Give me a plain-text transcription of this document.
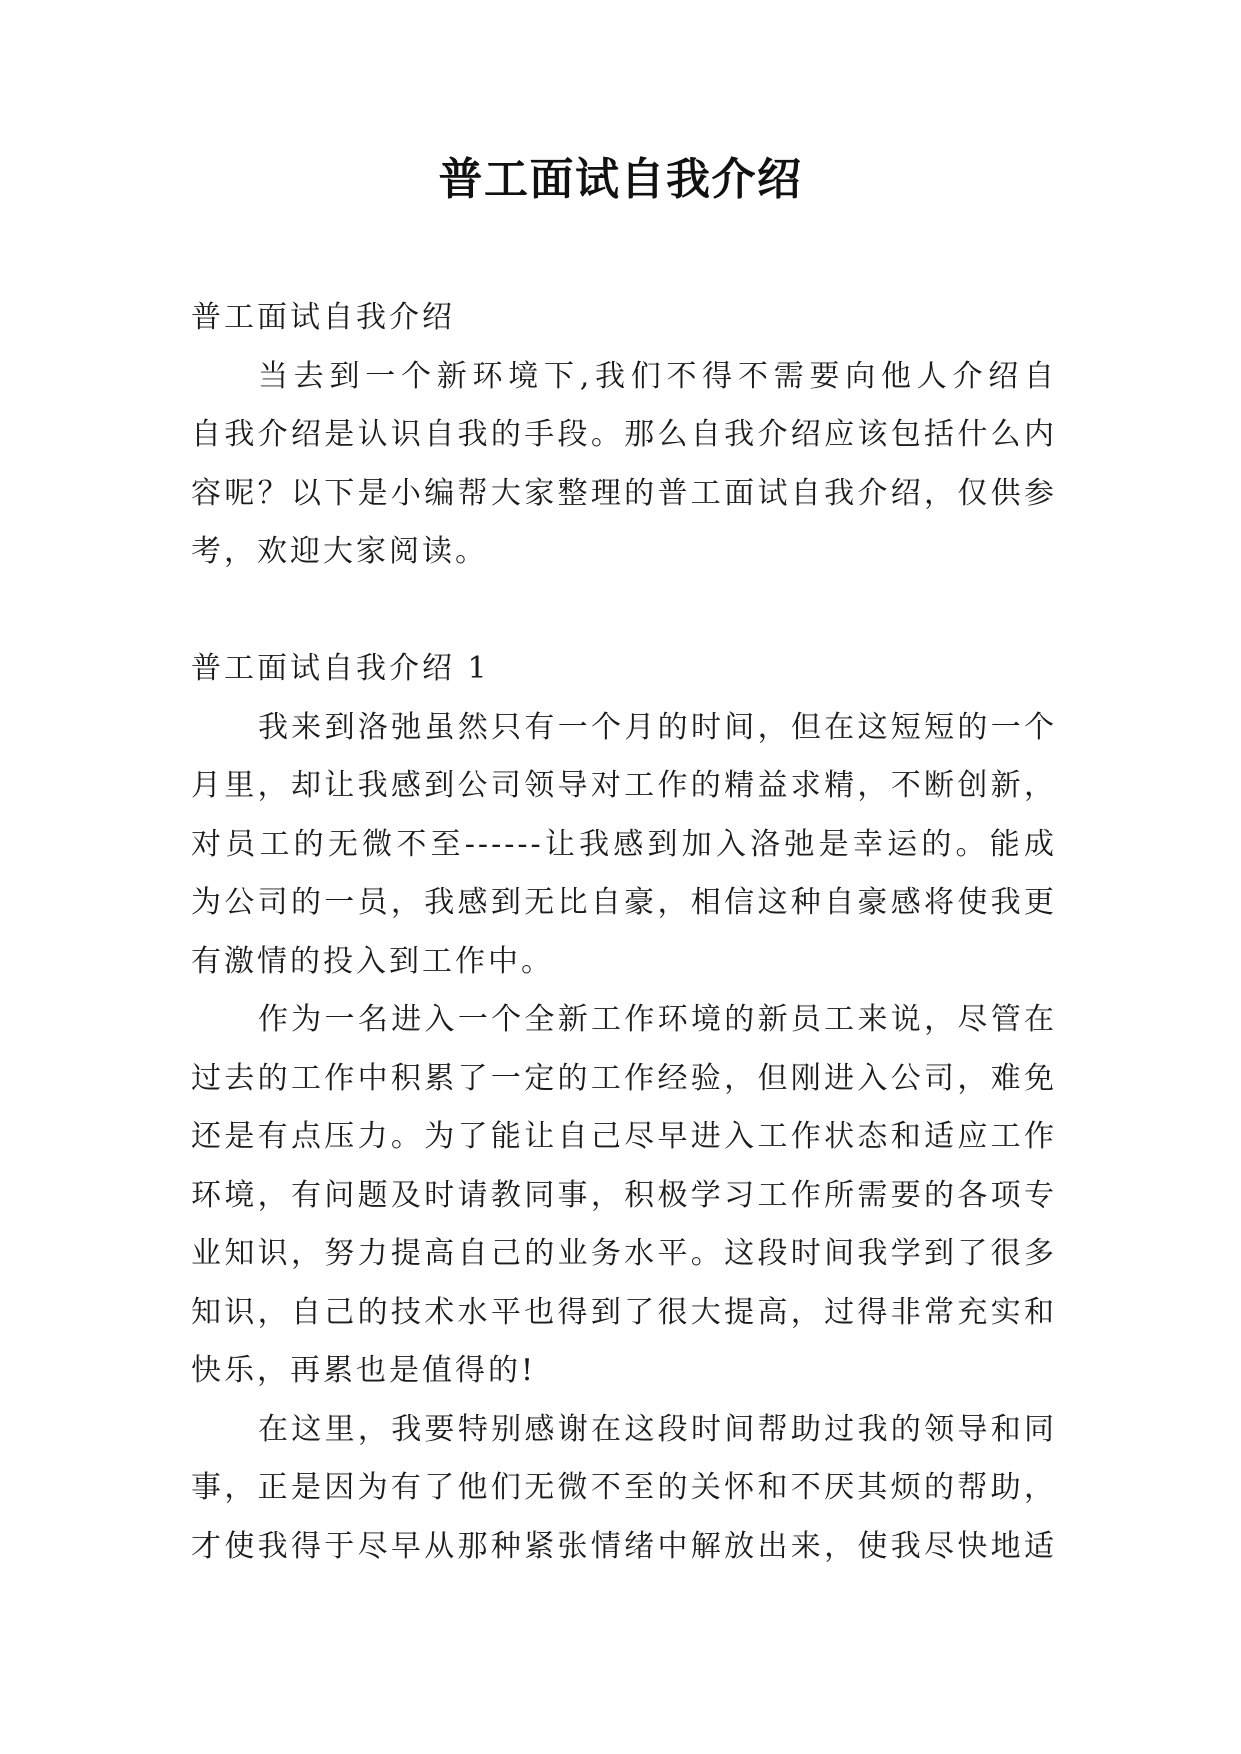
普工面试自我介绍
普工面试自我介绍
当去到一个新环境下,我们不得不需要向他人介绍自
自我介绍是认识自我的手段。那么自我介绍应该包括什么内
容呢？以下是小编帮大家整理的普工面试自我介绍，仅供参
考，欢迎大家阅读。
普工面试自我介绍 1
我来到洛弛虽然只有一个月的时间，但在这短短的一个
月里，却让我感到公司领导对工作的精益求精，不断创新，
对员工的无微不至------让我感到加入洛弛是幸运的。能成
为公司的一员，我感到无比自豪，相信这种自豪感将使我更
有激情的投入到工作中。
作为一名进入一个全新工作环境的新员工来说，尽管在
过去的工作中积累了一定的工作经验，但刚进入公司，难免
还是有点压力。为了能让自己尽早进入工作状态和适应工作
环境，有问题及时请教同事，积极学习工作所需要的各项专
业知识，努力提高自己的业务水平。这段时间我学到了很多
知识，自己的技术水平也得到了很大提高，过得非常充实和
快乐，再累也是值得的!
在这里，我要特别感谢在这段时间帮助过我的领导和同
事，正是因为有了他们无微不至的关怀和不厌其烦的帮助，
才使我得于尽早从那种紧张情绪中解放出来，使我尽快地适
